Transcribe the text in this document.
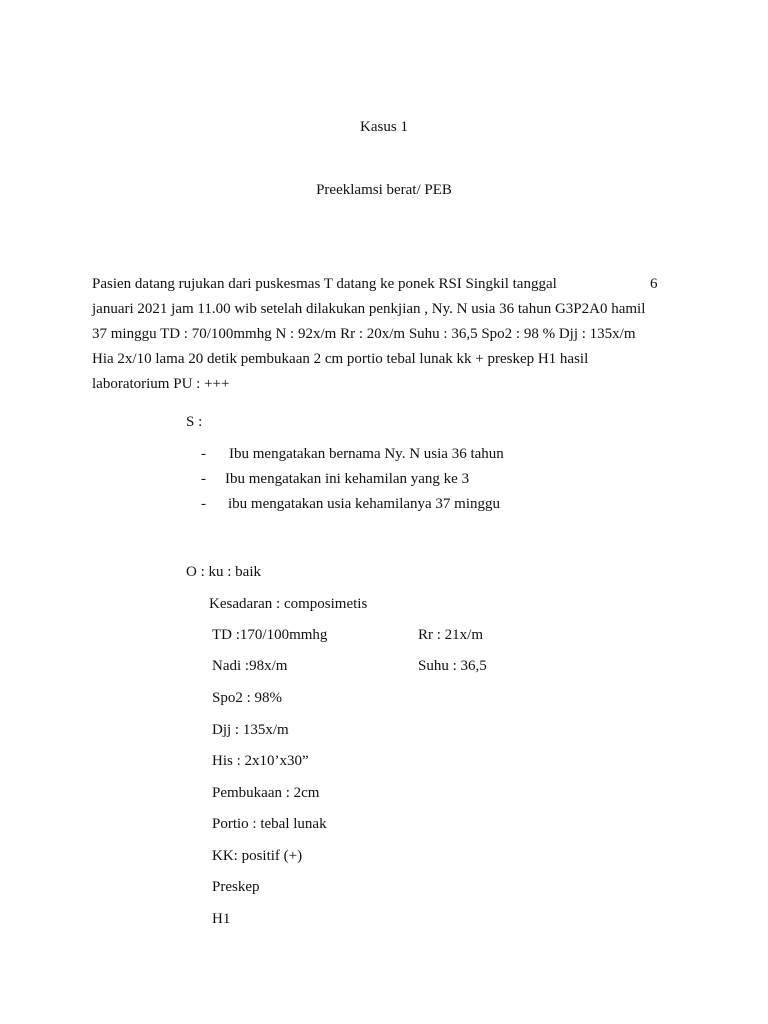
Kasus 1
Preeklamsi berat/ PEB
Pasien datang rujukan dari puskesmas T datang ke ponek RSI Singkil tanggal	6
januari 2021 jam 11.00 wib setelah dilakukan penkjian , Ny. N usia 36 tahun G3P2A0 hamil
37 minggu TD : 70/100mmhg N : 92x/m Rr : 20x/m Suhu : 36,5 Spo2 : 98 % Djj : 135x/m
Hia 2x/10 lama 20 detik pembukaan 2 cm portio tebal lunak kk + preskep H1 hasil
laboratorium PU : +++
S :
- Ibu mengatakan bernama Ny. N usia 36 tahun
- Ibu mengatakan ini kehamilan yang ke 3
- ibu mengatakan usia kehamilanya 37 minggu
O : ku : baik
Kesadaran : composimetis
TD :170/100mmhg	Rr : 21x/m
Nadi :98x/m	Suhu : 36,5
Spo2 : 98%
Djj : 135x/m
His : 2x10’x30”
Pembukaan : 2cm
Portio : tebal lunak
KK: positif (+)
Preskep
H1
